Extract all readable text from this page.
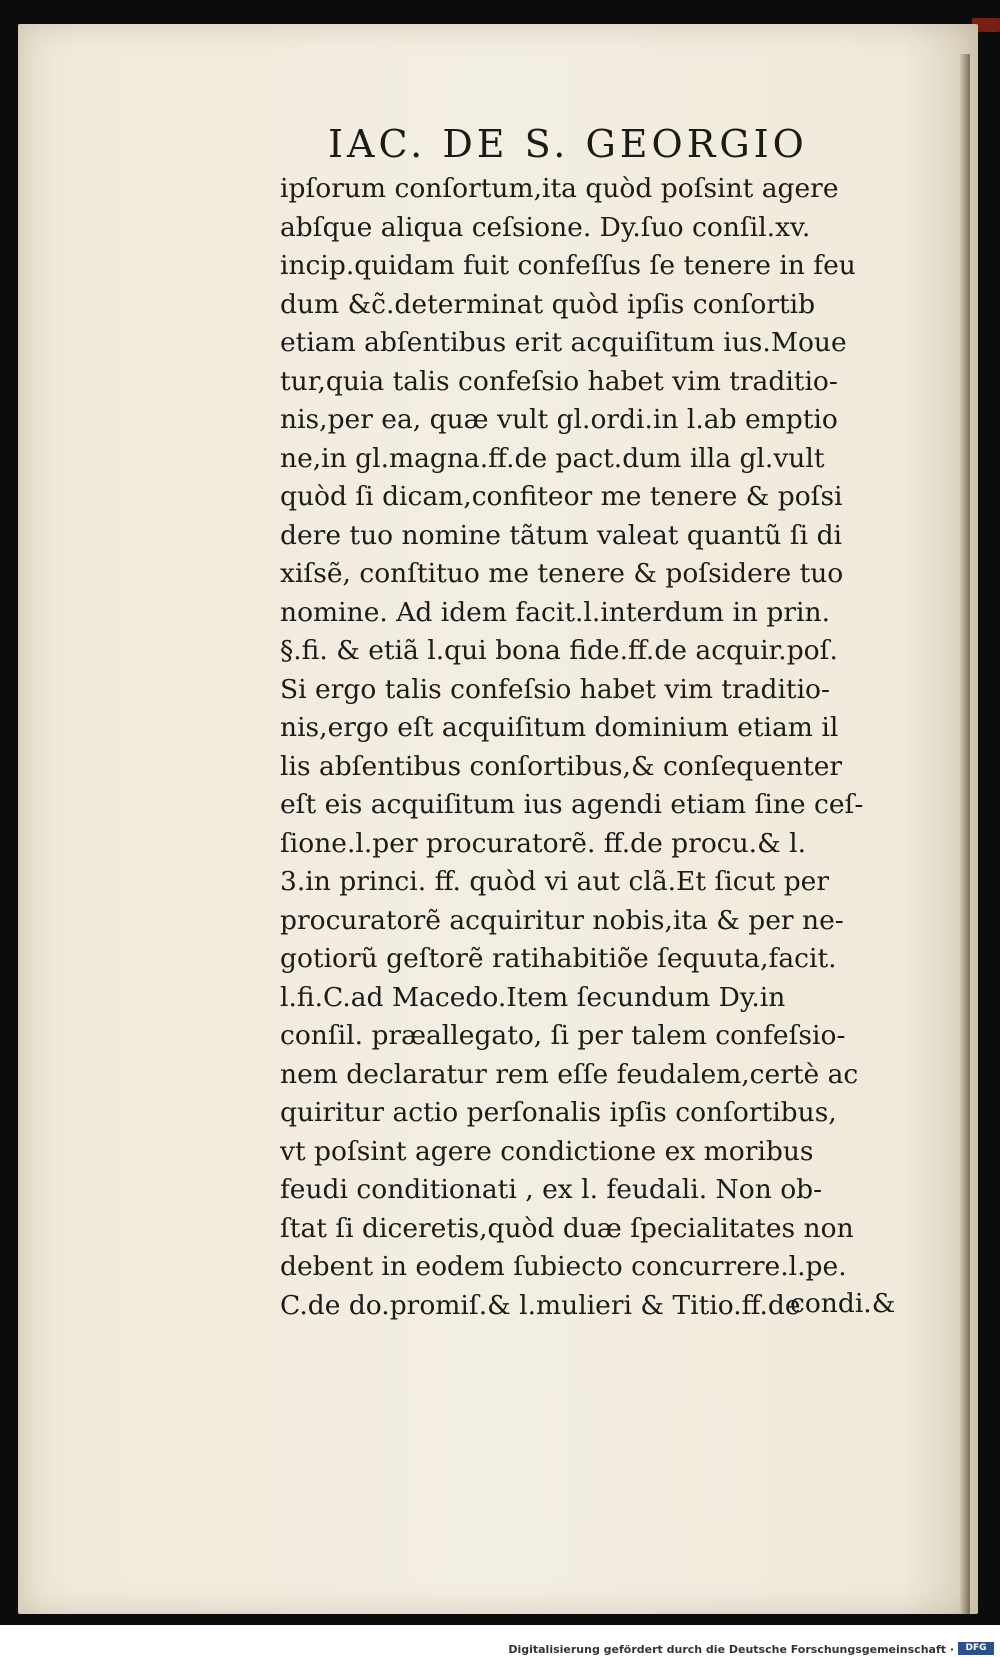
IAC. DE S. GEORGIO
ipſorum conſortum,ita quòd poſsint agere
abſque aliqua ceſsione. Dy.ſuo conſil.xv.
incip.quidam fuit confeſſus ſe tenere in feu
dum &c̃.determinat quòd ipſis conſortib
etiam abſentibus erit acquiſitum ius.Moue
tur,quia talis confeſsio habet vim traditio-
nis,per ea, quæ vult gl.ordi.in l.ab emptio
ne,in gl.magna.ff.de pact.dum illa gl.vult
quòd ſi dicam,confiteor me tenere & poſsi
dere tuo nomine tãtum valeat quantũ ſi di
xiſsẽ, conſtituo me tenere & poſsidere tuo
nomine. Ad idem facit.l.interdum in prin.
§.fi. & etiã l.qui bona fide.ff.de acquir.poſ.
Si ergo talis confeſsio habet vim traditio-
nis,ergo eſt acquiſitum dominium etiam il
lis abſentibus conſortibus,& conſequenter
eſt eis acquiſitum ius agendi etiam ſine ceſ-
ſione.l.per procuratorẽ. ff.de procu.& l.
3.in princi. ff. quòd vi aut clã.Et ſicut per
procuratorẽ acquiritur nobis,ita & per ne-
gotiorũ geſtorẽ ratihabitiõe ſequuta,facit.
l.fi.C.ad Macedo.Item ſecundum Dy.in
conſil. præallegato, ſi per talem confeſsio-
nem declaratur rem eſſe feudalem,certè ac
quiritur actio perſonalis ipſis conſortibus,
vt poſsint agere condictione ex moribus
feudi conditionati , ex l. feudali. Non ob-
ſtat ſi diceretis,quòd duæ ſpecialitates non
debent in eodem ſubiecto concurrere.l.pe.
C.de do.promiſ.& l.mulieri & Titio.ff.de
condi.&
Digitalisierung gefördert durch die Deutsche Forschungsgemeinschaft ·	DFG
